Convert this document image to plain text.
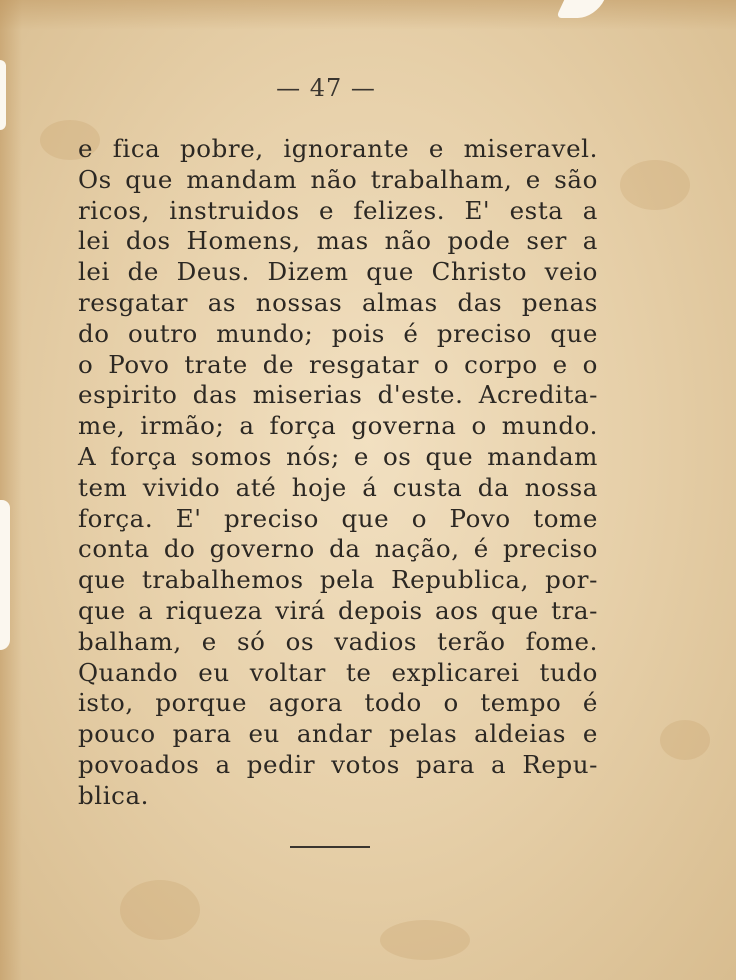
— 47 —
e fica pobre, ignorante e miseravel.
Os que mandam não trabalham, e são
ricos, instruidos e felizes. E' esta a
lei dos Homens, mas não pode ser a
lei de Deus. Dizem que Christo veio
resgatar as nossas almas das penas
do outro mundo; pois é preciso que
o Povo trate de resgatar o corpo e o
espirito das miserias d'este. Acredita-
me, irmão; a força governa o mundo.
A força somos nós; e os que mandam
tem vivido até hoje á custa da nossa
força. E' preciso que o Povo tome
conta do governo da nação, é preciso
que trabalhemos pela Republica, por-
que a riqueza virá depois aos que tra-
balham, e só os vadios terão fome.
Quando eu voltar te explicarei tudo
isto, porque agora todo o tempo é
pouco para eu andar pelas aldeias e
povoados a pedir votos para a Repu-
blica.
